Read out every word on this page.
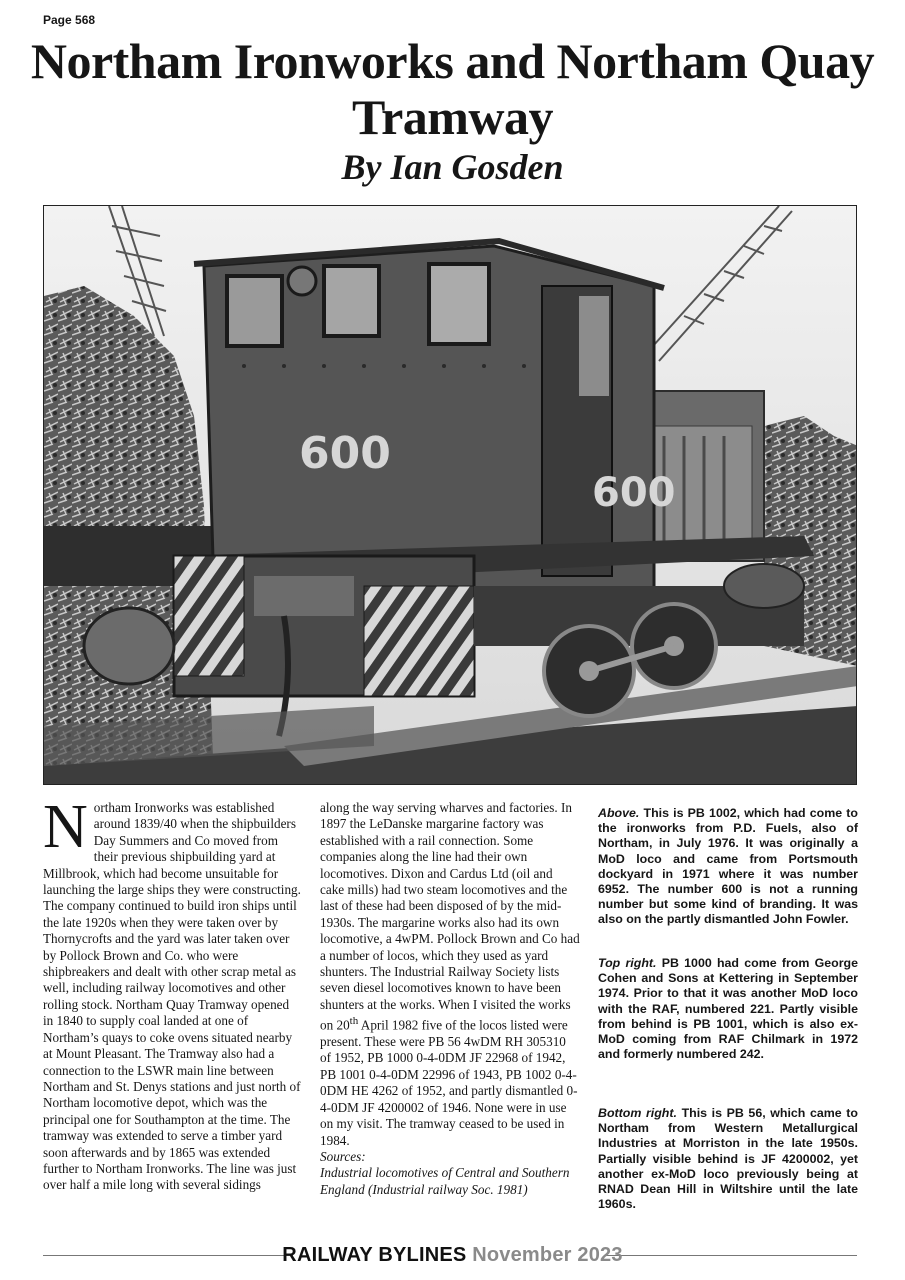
Page 568
Northam Ironworks and Northam Quay Tramway
By Ian Gosden
600
600

Northam Ironworks was established around 1839/40 when the shipbuilders Day Summers and Co moved from their previous shipbuilding yard at Millbrook, which had become unsuitable for launching the large ships they were constructing. The company continued to build iron ships until the late 1920s when they were taken over by Thornycrofts and the yard was later taken over by Pollock Brown and Co. who were shipbreakers and dealt with other scrap metal as well, including railway locomotives and other rolling stock. Northam Quay Tramway opened in 1840 to supply coal landed at one of Northam’s quays to coke ovens situated nearby at Mount Pleasant. The Tramway also had a connection to the LSWR main line between Northam and St. Denys stations and just north of Northam locomotive depot, which was the principal one for Southampton at the time. The tramway was extended to serve a timber yard soon afterwards and by 1865 was extended further to Northam Ironworks. The line was just over half a mile long with several sidings

along the way serving wharves and factories. In 1897 the LeDanske margarine factory was established with a rail connection. Some companies along the line had their own locomotives. Dixon and Cardus Ltd (oil and cake mills) had two steam locomotives and the last of these had been disposed of by the mid-1930s. The margarine works also had its own locomotive, a 4wPM. Pollock Brown and Co had a number of locos, which they used as yard shunters. The Industrial Railway Society lists seven diesel locomotives known to have been shunters at the works. When I visited the works on 20th April 1982 five of the locos listed were present. These were PB 56 4wDM RH 305310 of 1952, PB 1000 0-4-0DM JF 22968 of 1942, PB 1001 0-4-0DM 22996 of 1943, PB 1002 0-4-0DM HE 4262 of 1952, and partly dismantled 0-4-0DM JF 4200002 of 1946. None were in use on my visit. The tramway ceased to be used in 1984.

Sources:

Industrial locomotives of Central and Southern England (Industrial railway Soc. 1981)

Above. This is PB 1002, which had come to the ironworks from P.D. Fuels, also of Northam, in July 1976. It was originally a MoD loco and came from Portsmouth dockyard in 1971 where it was number 6952. The number 600 is not a running number but some kind of branding. It was also on the partly dismantled John Fowler.

Top right. PB 1000 had come from George Cohen and Sons at Kettering in September 1974. Prior to that it was another MoD loco with the RAF, numbered 221. Partly visible from behind is PB 1001, which is also ex-MoD coming from RAF Chilmark in 1972 and formerly numbered 242.

Bottom right. This is PB 56, which came to Northam from Western Metallurgical Industries at Morriston in the late 1950s. Partially visible behind is JF 4200002, yet another ex-MoD loco previously being at RNAD Dean Hill in Wiltshire until the late 1960s.

RAILWAY BYLINES November 2023
